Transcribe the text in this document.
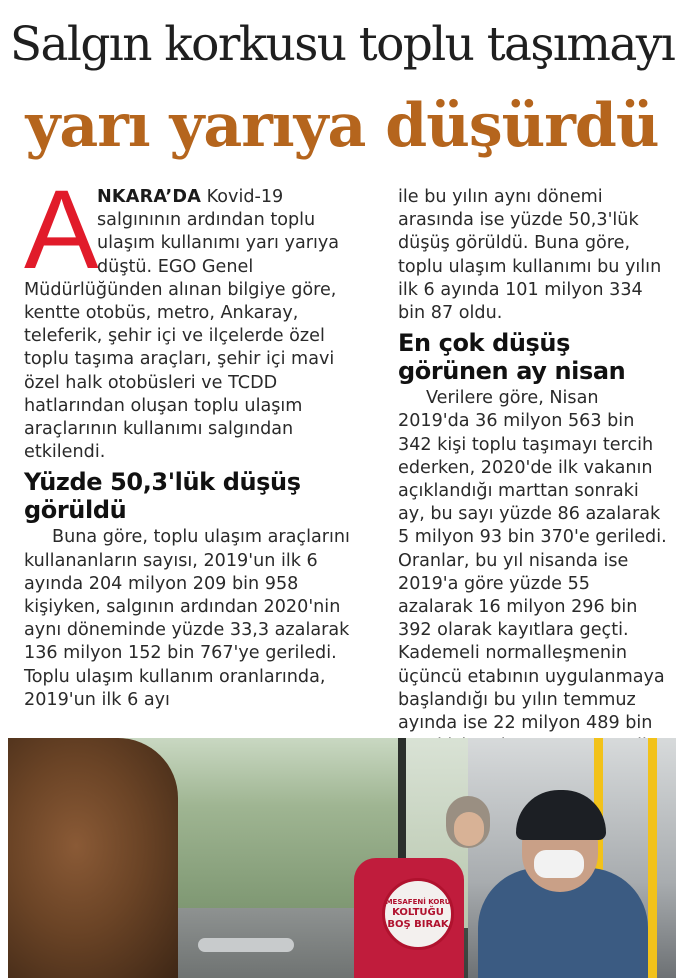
Salgın korkusu toplu taşımayı
yarı yarıya düşürdü

A
NKARA’DA Kovid-19 salgınının ardından toplu ulaşım kullanımı yarı yarıya düştü. EGO Genel Müdürlüğünden alınan bilgiye göre, kentte otobüs, metro, Ankaray, teleferik, şehir içi ve ilçelerde özel toplu taşıma araçları, şehir içi mavi özel halk otobüsleri ve TCDD hatlarından oluşan toplu ulaşım araçlarının kullanımı salgından etkilendi.

Yüzde 50,3'lük düşüş görüldü

Buna göre, toplu ulaşım araçlarını kullananların sayısı, 2019'un ilk 6 ayında 204 milyon 209 bin 958 kişiyken, salgının ardından 2020'nin aynı döneminde yüzde 33,3 azalarak 136 milyon 152 bin 767'ye geriledi. Toplu ulaşım kullanım oranlarında, 2019'un ilk 6 ayı

ile bu yılın aynı dönemi arasında ise yüzde 50,3'lük düşüş görüldü. Buna göre, toplu ulaşım kullanımı bu yılın ilk 6 ayında 101 milyon 334 bin 87 oldu.

En çok düşüş görünen ay nisan

Verilere göre, Nisan 2019'da 36 milyon 563 bin 342 kişi toplu taşımayı tercih ederken, 2020'de ilk vakanın açıklandığı marttan sonraki ay, bu sayı yüzde 86 azalarak 5 milyon 93 bin 370'e geriledi. Oranlar, bu yıl nisanda ise 2019'a göre yüzde 55 azalarak 16 milyon 296 bin 392 olarak kayıtlara geçti. Kademeli normalleşmenin üçüncü etabının uygulanmaya başlandığı bu yılın temmuz ayında ise 22 milyon 489 bin

MESAFENİ KORU
KOLTUĞU
BOŞ BIRAK
